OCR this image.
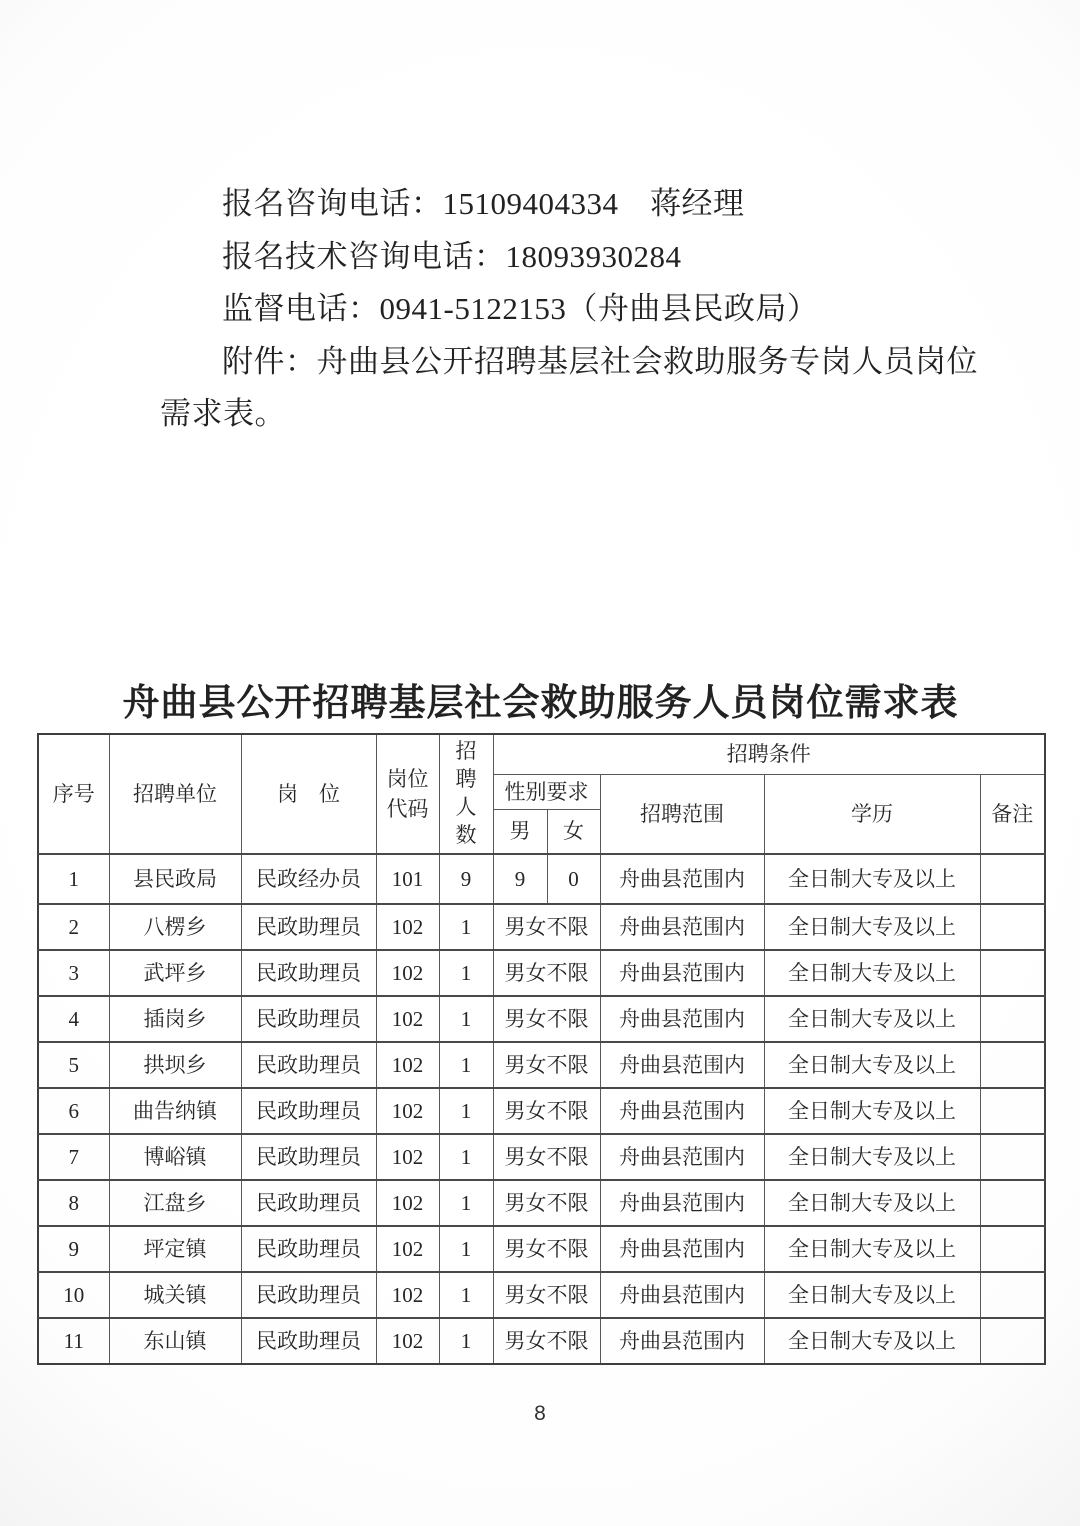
报名咨询电话：15109404334　蒋经理
报名技术咨询电话：18093930284
监督电话：0941-5122153（舟曲县民政局）
附件：舟曲县公开招聘基层社会救助服务专岗人员岗位
需求表。
舟曲县公开招聘基层社会救助服务人员岗位需求表
序号	招聘单位	岗　位	岗位代码	招聘人数	招聘条件				
					性别要求		招聘范围	学历	备注
					男	女			
1	县民政局	民政经办员	101	9	9	0	舟曲县范围内	全日制大专及以上	
2	八楞乡	民政助理员	102	1	男女不限		舟曲县范围内	全日制大专及以上	
3	武坪乡	民政助理员	102	1	男女不限		舟曲县范围内	全日制大专及以上	
4	插岗乡	民政助理员	102	1	男女不限		舟曲县范围内	全日制大专及以上	
5	拱坝乡	民政助理员	102	1	男女不限		舟曲县范围内	全日制大专及以上	
6	曲告纳镇	民政助理员	102	1	男女不限		舟曲县范围内	全日制大专及以上	
7	博峪镇	民政助理员	102	1	男女不限		舟曲县范围内	全日制大专及以上	
8	江盘乡	民政助理员	102	1	男女不限		舟曲县范围内	全日制大专及以上	
9	坪定镇	民政助理员	102	1	男女不限		舟曲县范围内	全日制大专及以上	
10	城关镇	民政助理员	102	1	男女不限		舟曲县范围内	全日制大专及以上	
11	东山镇	民政助理员	102	1	男女不限		舟曲县范围内	全日制大专及以上	
8
